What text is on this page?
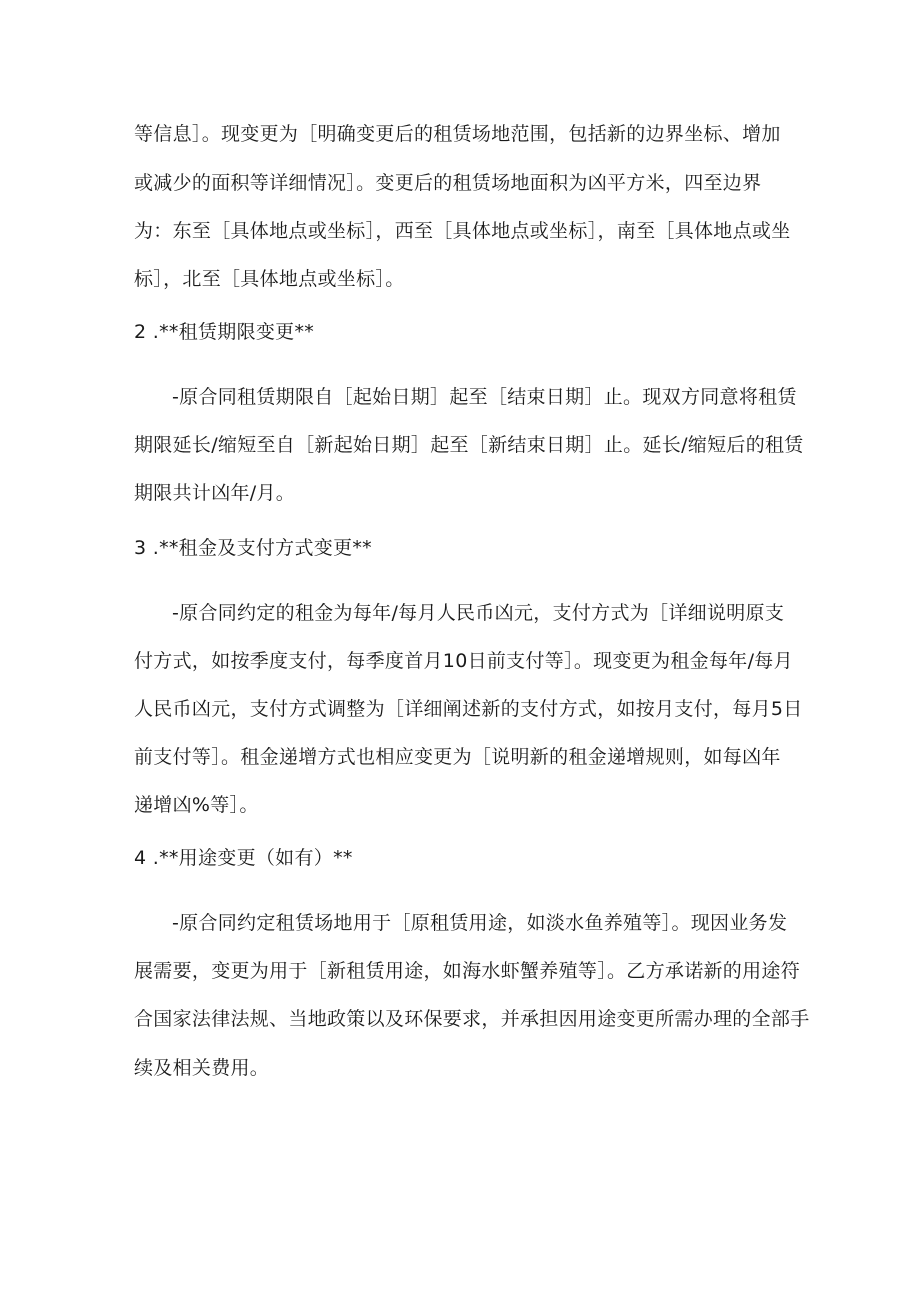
等信息］。现变更为［明确变更后的租赁场地范围，包括新的边界坐标、增加

或减少的面积等详细情况］。变更后的租赁场地面积为凶平方米，四至边界

为：东至［具体地点或坐标］，西至［具体地点或坐标］，南至［具体地点或坐

标］，北至［具体地点或坐标］。

2 .**租赁期限变更**

-原合同租赁期限自［起始日期］起至［结束日期］止。现双方同意将租赁

期限延长/缩短至自［新起始日期］起至［新结束日期］止。延长/缩短后的租赁

期限共计凶年/月。

3 .**租金及支付方式变更**

-原合同约定的租金为每年/每月人民币凶元，支付方式为［详细说明原支

付方式，如按季度支付，每季度首月10日前支付等］。现变更为租金每年/每月

人民币凶元，支付方式调整为［详细阐述新的支付方式，如按月支付，每月5日

前支付等］。租金递增方式也相应变更为［说明新的租金递增规则，如每凶年

递增凶%等］。

4 .**用途变更（如有）**

-原合同约定租赁场地用于［原租赁用途，如淡水鱼养殖等］。现因业务发

展需要，变更为用于［新租赁用途，如海水虾蟹养殖等］。乙方承诺新的用途符

合国家法律法规、当地政策以及环保要求，并承担因用途变更所需办理的全部手

续及相关费用。
